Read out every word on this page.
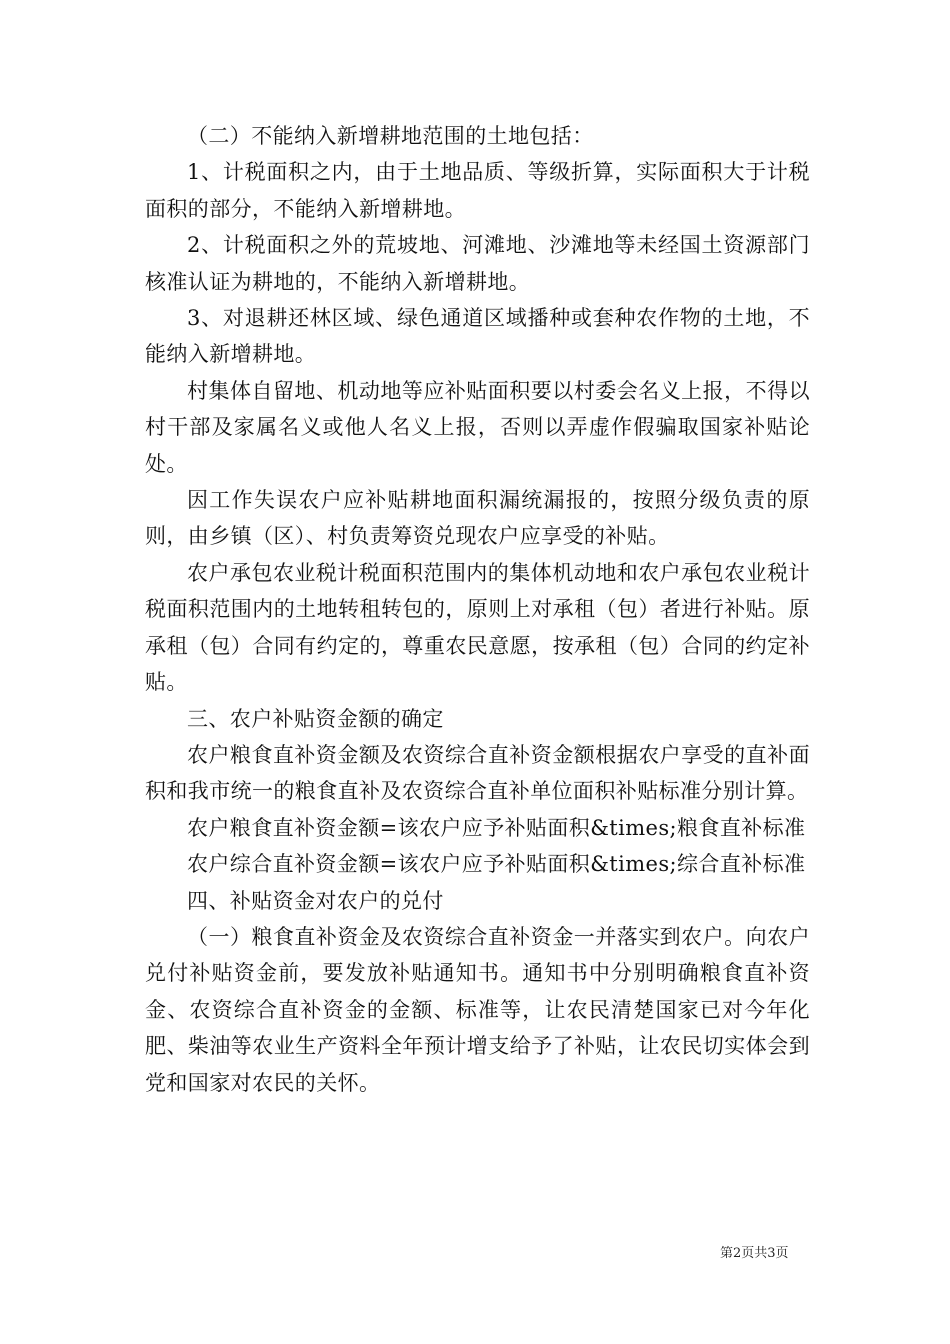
（二）不能纳入新增耕地范围的土地包括：

1、计税面积之内，由于土地品质、等级折算，实际面积大于计税面积的部分，不能纳入新增耕地。

2、计税面积之外的荒坡地、河滩地、沙滩地等未经国土资源部门核准认证为耕地的，不能纳入新增耕地。

3、对退耕还林区域、绿色通道区域播种或套种农作物的土地，不能纳入新增耕地。

村集体自留地、机动地等应补贴面积要以村委会名义上报，不得以村干部及家属名义或他人名义上报，否则以弄虚作假骗取国家补贴论处。

因工作失误农户应补贴耕地面积漏统漏报的，按照分级负责的原则，由乡镇（区）、村负责筹资兑现农户应享受的补贴。

农户承包农业税计税面积范围内的集体机动地和农户承包农业税计税面积范围内的土地转租转包的，原则上对承租（包）者进行补贴。原承租（包）合同有约定的，尊重农民意愿，按承租（包）合同的约定补贴。

三、农户补贴资金额的确定

农户粮食直补资金额及农资综合直补资金额根据农户享受的直补面积和我市统一的粮食直补及农资综合直补单位面积补贴标准分别计算。

农户粮食直补资金额=该农户应予补贴面积&times;粮食直补标准

农户综合直补资金额=该农户应予补贴面积&times;综合直补标准

四、补贴资金对农户的兑付

（一）粮食直补资金及农资综合直补资金一并落实到农户。向农户兑付补贴资金前，要发放补贴通知书。通知书中分别明确粮食直补资金、农资综合直补资金的金额、标准等，让农民清楚国家已对今年化肥、柴油等农业生产资料全年预计增支给予了补贴，让农民切实体会到党和国家对农民的关怀。

第2页共3页
